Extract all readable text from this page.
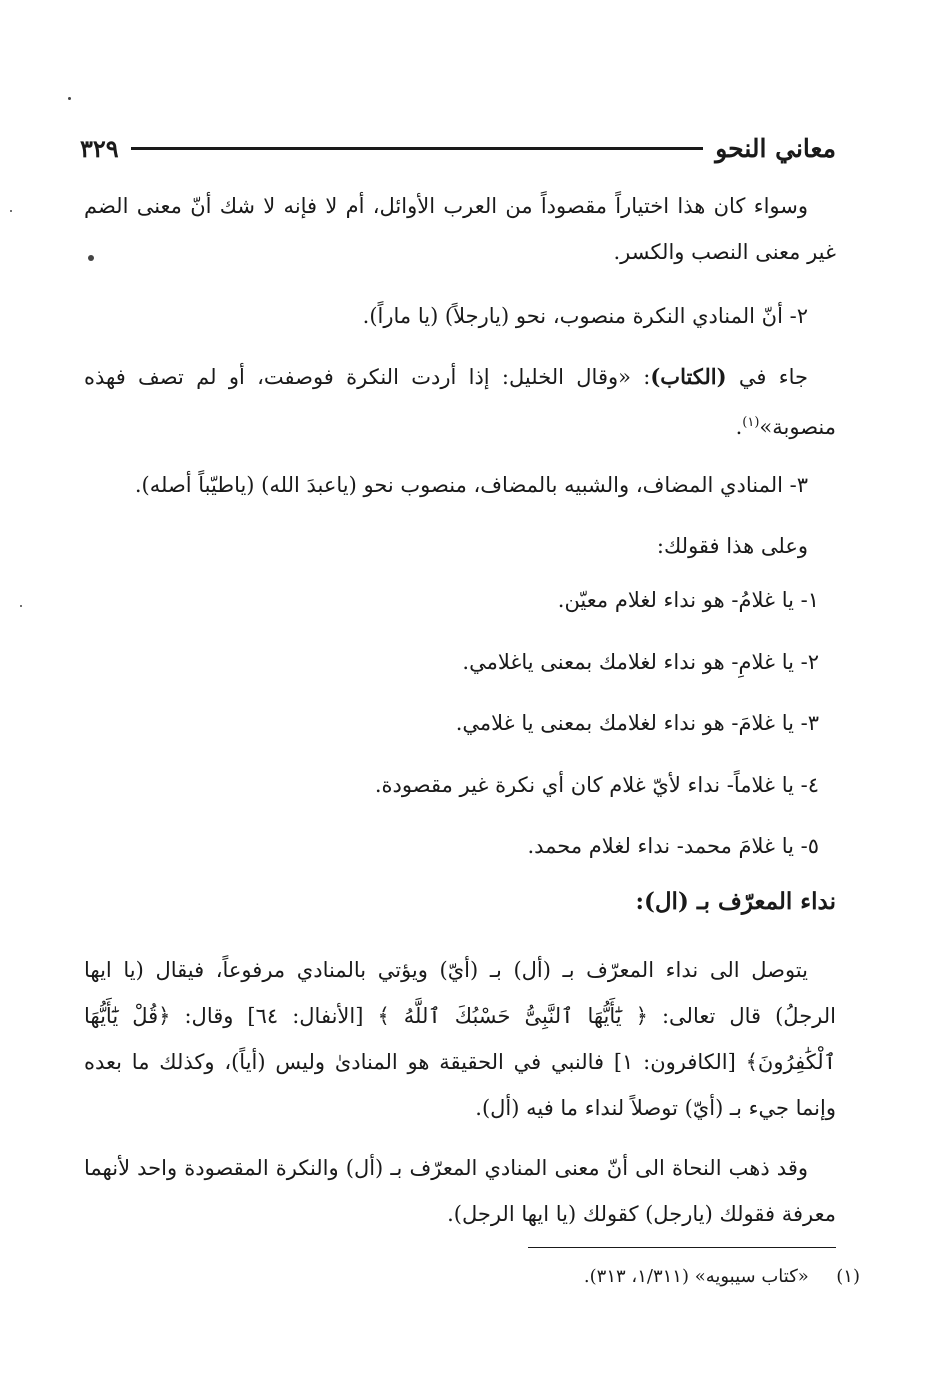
معاني النحو
٣٢٩

وسواء كان هذا اختياراً مقصوداً من العرب الأوائل، أم لا فإنه لا شك أنّ معنى الضم غير معنى النصب والكسر.

٢- أنّ المنادي النكرة منصوب، نحو (يارجلاً) (يا ماراً).

جاء في (الكتاب): «وقال الخليل: إذا أردت النكرة فوصفت، أو لم تصف فهذه منصوبة»$^{(١)}$.

٣- المنادي المضاف، والشبيه بالمضاف، منصوب نحو (ياعبدَ الله) (ياطيّباً أصله).

وعلى هذا فقولك:

١- يا غلامُ- هو نداء لغلام معيّن.
٢- يا غلامِ- هو نداء لغلامك بمعنى ياغلامي.
٣- يا غلامَ- هو نداء لغلامك بمعنى يا غلامي.
٤- يا غلاماً- نداء لأيّ غلام كان أي نكرة غير مقصودة.
٥- يا غلامَ محمد- نداء لغلام محمد.
نداء المعرّف بـ (ال):

يتوصل الى نداء المعرّف بـ (أل) بـ (أيّ) ويؤتي بالمنادي مرفوعاً، فيقال (يا ايها الرجلُ) قال تعالى: ﴿ يَٰٓأَيُّهَا ٱلنَّبِىُّ حَسْبُكَ ٱللَّهُ ﴾ [الأنفال: ٦٤] وقال: ﴿قُلْ يَٰٓأَيُّهَا ٱلْكَٰفِرُونَ﴾ [الكافرون: ١] فالنبي في الحقيقة هو المنادىٰ وليس (أياً)، وكذلك ما بعده وإنما جيء بـ (أيّ) توصلاً لنداء ما فيه (أل).

وقد ذهب النحاة الى أنّ معنى المنادي المعرّف بـ (أل) والنكرة المقصودة واحد لأنهما معرفة فقولك (يارجل) كقولك (يا ايها الرجل).

(١)  «كتاب سيبويه» (١/٣١١، ٣١٣).
